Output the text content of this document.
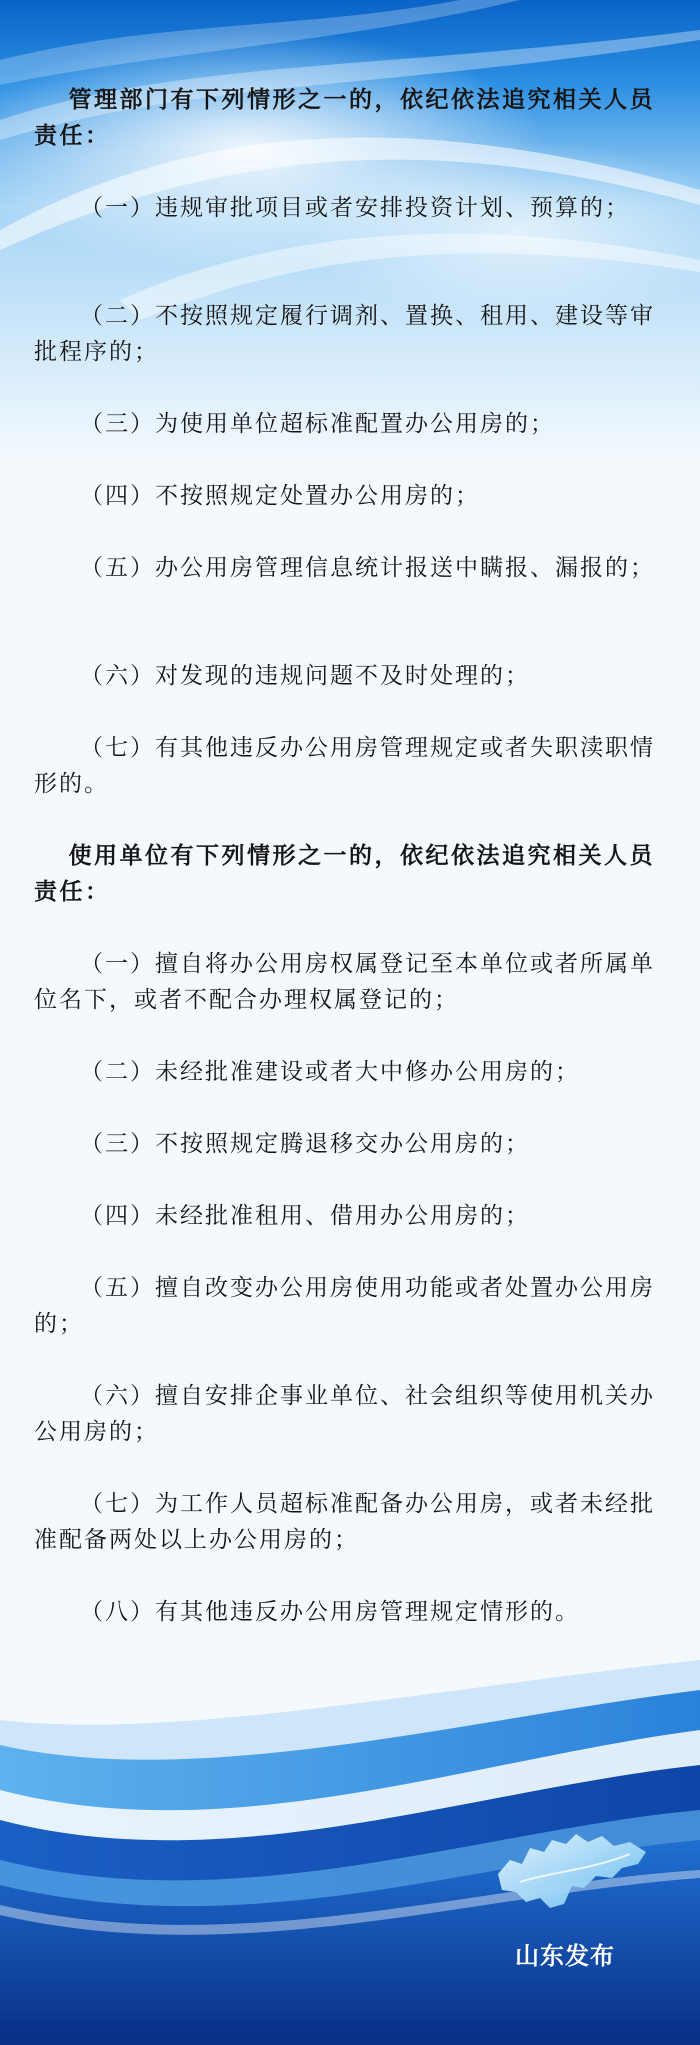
管理部门有下列情形之一的，依纪依法追究相关人员责任：

（一）违规审批项目或者安排投资计划、预算的；

（二）不按照规定履行调剂、置换、租用、建设等审批程序的；

（三）为使用单位超标准配置办公用房的；

（四）不按照规定处置办公用房的；

（五）办公用房管理信息统计报送中瞒报、漏报的；

（六）对发现的违规问题不及时处理的；

（七）有其他违反办公用房管理规定或者失职渎职情形的。

使用单位有下列情形之一的，依纪依法追究相关人员责任：

（一）擅自将办公用房权属登记至本单位或者所属单位名下，或者不配合办理权属登记的；

（二）未经批准建设或者大中修办公用房的；

（三）不按照规定腾退移交办公用房的；

（四）未经批准租用、借用办公用房的；

（五）擅自改变办公用房使用功能或者处置办公用房的；

（六）擅自安排企事业单位、社会组织等使用机关办公用房的；

（七）为工作人员超标准配备办公用房，或者未经批准配备两处以上办公用房的；

（八）有其他违反办公用房管理规定情形的。

山东发布
